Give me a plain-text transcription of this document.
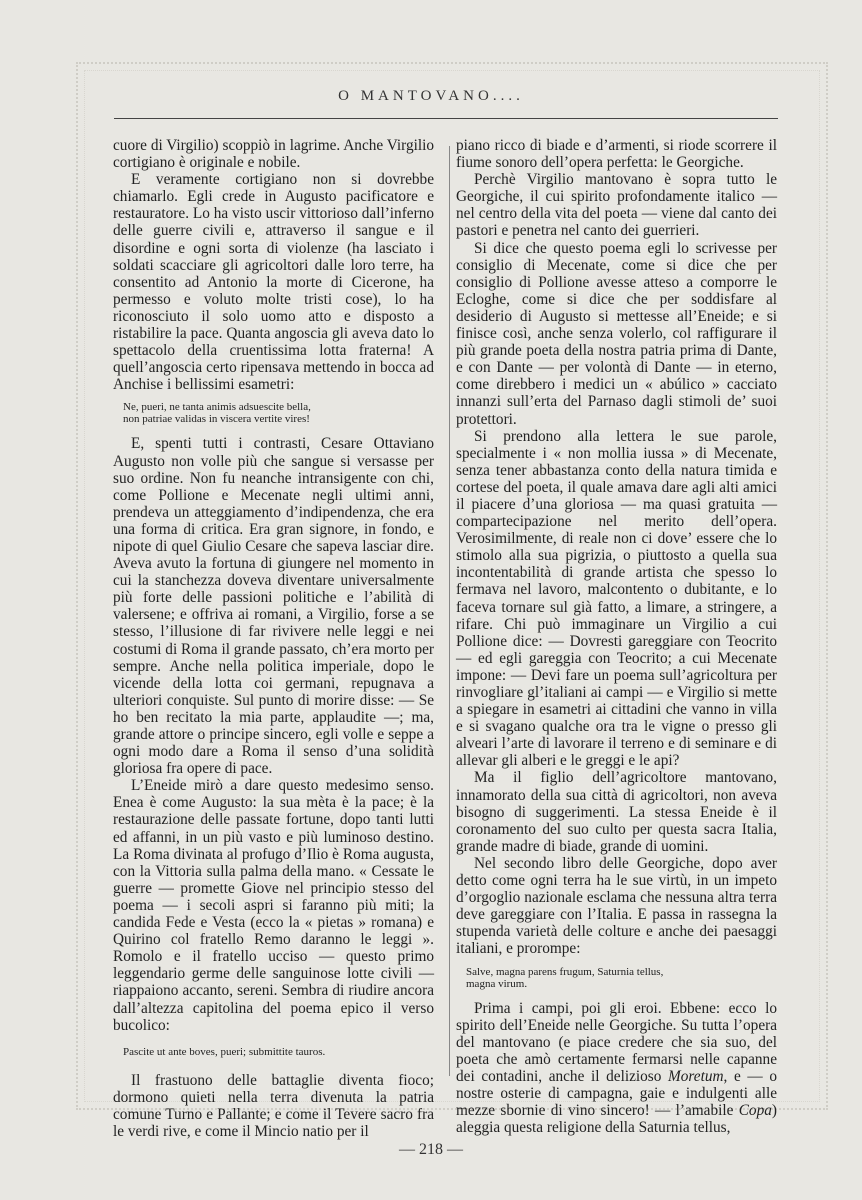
O MANTOVANO....

cuore di Virgilio) scoppiò in lagrime. Anche Virgilio cortigiano è originale e nobile.

E veramente cortigiano non si dovrebbe chiamarlo. Egli crede in Augusto pacificatore e restauratore. Lo ha visto uscir vittorioso dall’inferno delle guerre civili e, attraverso il sangue e il disordine e ogni sorta di violenze (ha lasciato i soldati scacciare gli agricoltori dalle loro terre, ha consentito ad Antonio la morte di Cicerone, ha permesso e voluto molte tristi cose), lo ha riconosciuto il solo uomo atto e disposto a ristabilire la pace. Quanta angoscia gli aveva dato lo spettacolo della cruentissima lotta fraterna! A quell’angoscia certo ripensava mettendo in bocca ad Anchise i bellissimi esametri:

Ne, pueri, ne tanta animis adsuescite bella,
non patriae validas in viscera vertite vires!

E, spenti tutti i contrasti, Cesare Ottaviano Augusto non volle più che sangue si versasse per suo ordine. Non fu neanche intransigente con chi, come Pollione e Mecenate negli ultimi anni, prendeva un atteggiamento d’indipendenza, che era una forma di critica. Era gran signore, in fondo, e nipote di quel Giulio Cesare che sapeva lasciar dire. Aveva avuto la fortuna di giungere nel momento in cui la stanchezza doveva diventare universalmente più forte delle passioni politiche e l’abilità di valersene; e offriva ai romani, a Virgilio, forse a se stesso, l’illusione di far rivivere nelle leggi e nei costumi di Roma il grande passato, ch’era morto per sempre. Anche nella politica imperiale, dopo le vicende della lotta coi germani, repugnava a ulteriori conquiste. Sul punto di morire disse: — Se ho ben recitato la mia parte, applaudite —; ma, grande attore o principe sincero, egli volle e seppe a ogni modo dare a Roma il senso d’una solidità gloriosa fra opere di pace.

L’Eneide mirò a dare questo medesimo senso. Enea è come Augusto: la sua mèta è la pace; è la restaurazione delle passate fortune, dopo tanti lutti ed affanni, in un più vasto e più luminoso destino. La Roma divinata al profugo d’Ilio è Roma augusta, con la Vittoria sulla palma della mano. « Cessate le guerre — promette Giove nel principio stesso del poema — i secoli aspri si faranno più miti; la candida Fede e Vesta (ecco la « pietas » romana) e Quirino col fratello Remo daranno le leggi ». Romolo e il fratello ucciso — questo primo leggendario germe delle sanguinose lotte civili — riappaiono accanto, sereni. Sembra di riudire ancora dall’altezza capitolina del poema epico il verso bucolico:

Pascite ut ante boves, pueri; submittite tauros.

Il frastuono delle battaglie diventa fioco; dormono quieti nella terra divenuta la patria comune Turno e Pallante; e come il Tevere sacro fra le verdi rive, e come il Mincio natio per il

piano ricco di biade e d’armenti, si riode scorrere il fiume sonoro dell’opera perfetta: le Georgiche.

Perchè Virgilio mantovano è sopra tutto le Georgiche, il cui spirito profondamente italico — nel centro della vita del poeta — viene dal canto dei pastori e penetra nel canto dei guerrieri.

Si dice che questo poema egli lo scrivesse per consiglio di Mecenate, come si dice che per consiglio di Pollione avesse atteso a comporre le Ecloghe, come si dice che per soddisfare al desiderio di Augusto si mettesse all’Eneide; e si finisce così, anche senza volerlo, col raffigurare il più grande poeta della nostra patria prima di Dante, e con Dante — per volontà di Dante — in eterno, come direbbero i medici un « abúlico » cacciato innanzi sull’erta del Parnaso dagli stimoli de’ suoi protettori.

Si prendono alla lettera le sue parole, specialmente i « non mollia iussa » di Mecenate, senza tener abbastanza conto della natura timida e cortese del poeta, il quale amava dare agli alti amici il piacere d’una gloriosa — ma quasi gratuita — compartecipazione nel merito dell’opera. Verosimilmente, di reale non ci dove’ essere che lo stimolo alla sua pigrizia, o piuttosto a quella sua incontentabilità di grande artista che spesso lo fermava nel lavoro, malcontento o dubitante, e lo faceva tornare sul già fatto, a limare, a stringere, a rifare. Chi può immaginare un Virgilio a cui Pollione dice: — Dovresti gareggiare con Teocrito — ed egli gareggia con Teocrito; a cui Mecenate impone: — Devi fare un poema sull’agricoltura per rinvogliare gl’italiani ai campi — e Virgilio si mette a spiegare in esametri ai cittadini che vanno in villa e si svagano qualche ora tra le vigne o presso gli alveari l’arte di lavorare il terreno e di seminare e di allevar gli alberi e le greggi e le api?

Ma il figlio dell’agricoltore mantovano, innamorato della sua città di agricoltori, non aveva bisogno di suggerimenti. La stessa Eneide è il coronamento del suo culto per questa sacra Italia, grande madre di biade, grande di uomini.

Nel secondo libro delle Georgiche, dopo aver detto come ogni terra ha le sue virtù, in un impeto d’orgoglio nazionale esclama che nessuna altra terra deve gareggiare con l’Italia. E passa in rassegna la stupenda varietà delle colture e anche dei paesaggi italiani, e prorompe:

Salve, magna parens frugum, Saturnia tellus,
magna virum.

Prima i campi, poi gli eroi. Ebbene: ecco lo spirito dell’Eneide nelle Georgiche. Su tutta l’opera del mantovano (e piace credere che sia suo, del poeta che amò certamente fermarsi nelle capanne dei contadini, anche il delizioso Moretum, e — o nostre osterie di campagna, gaie e indulgenti alle mezze sbornie di vino sincero! — l’amabile Copa) aleggia questa religione della Saturnia tellus,

— 218 —
